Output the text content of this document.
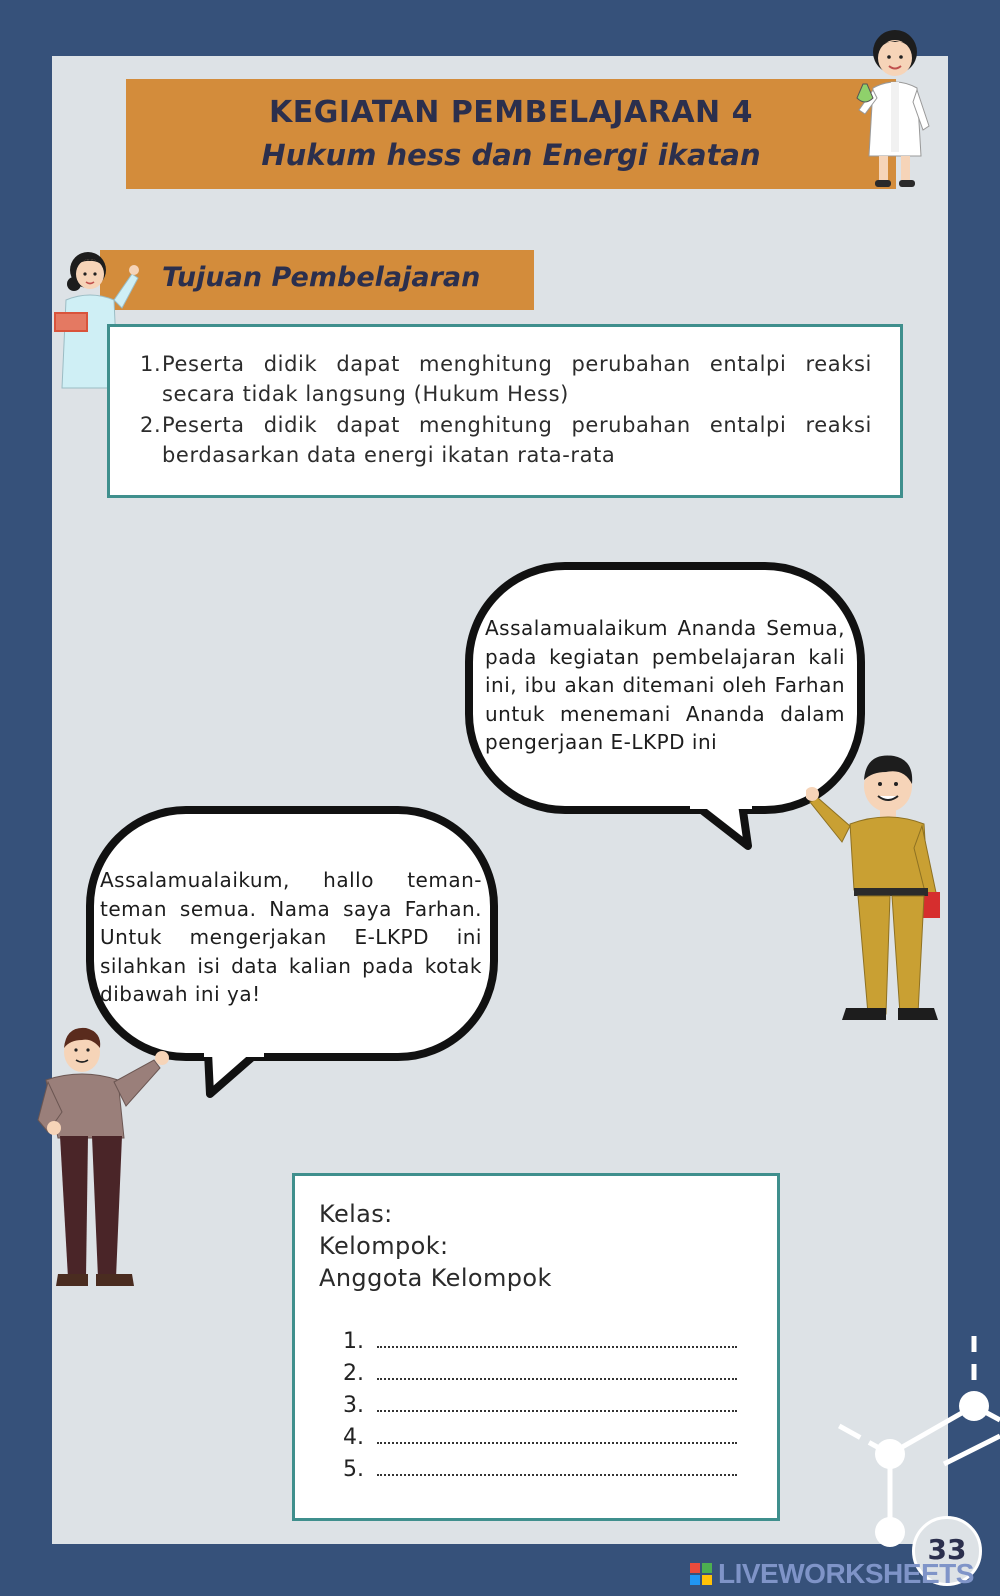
KEGIATAN PEMBELAJARAN 4
Hukum hess dan Energi ikatan
Tujuan Pembelajaran
1. Peserta didik dapat menghitung perubahan entalpi reaksi secara tidak langsung (Hukum Hess)
2. Peserta didik dapat menghitung perubahan entalpi reaksi berdasarkan data energi ikatan rata-rata

Assalamualaikum Ananda Semua, pada kegiatan pembelajaran kali ini, ibu akan ditemani oleh Farhan untuk menemani Ananda dalam pengerjaan E-LKPD ini

Assalamualaikum, hallo teman-teman semua. Nama saya Farhan. Untuk mengerjakan E-LKPD ini silahkan isi data kalian pada kotak dibawah ini ya!

Kelas:
Kelompok:
Anggota Kelompok
1.
2.
3.
4.
5.
33
LIVEWORKSHEETS
